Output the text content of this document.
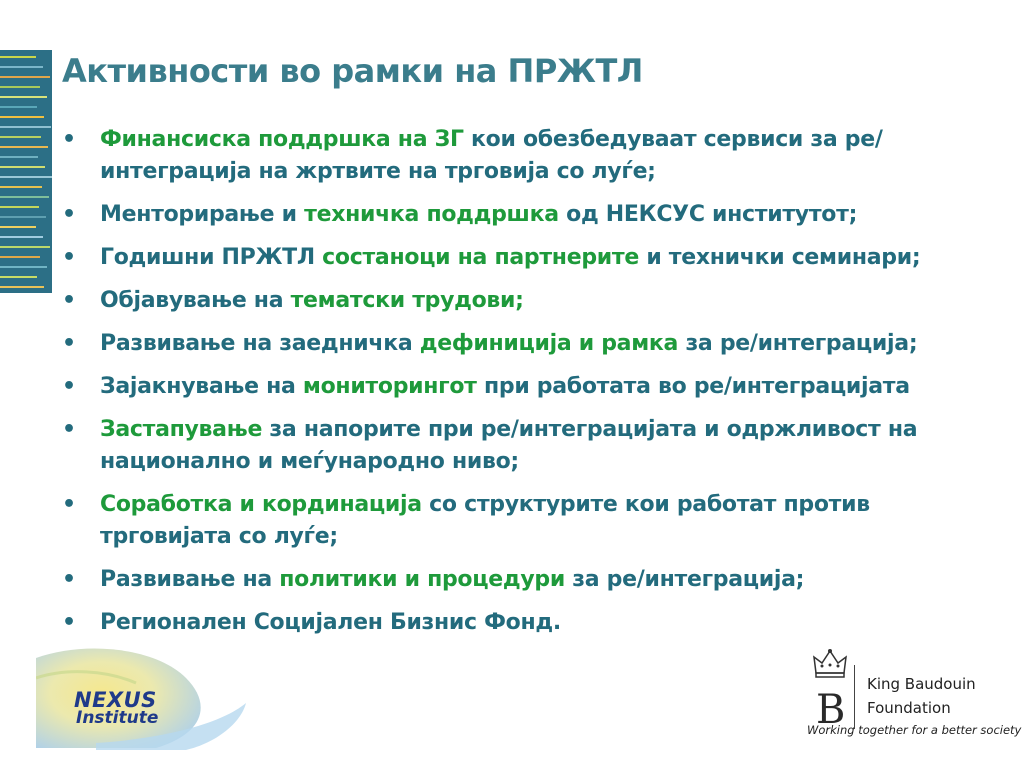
Активности во рамки на ПРЖТЛ
• Финансиска поддршка на ЗГ кои обезбедуваат сервиси за ре/интеграција на жртвите на трговија со луѓе;
• Менторирање и техничка поддршка од НЕКСУС институтот;
• Годишни ПРЖТЛ состаноци на партнерите и технички семинари;
• Објавување на тематски трудови;
• Развивање на заедничка дефиниција и рамка за ре/интеграција;
• Зајакнување на мониторингот при работата во ре/интеграцијата
• Застапување за напорите при ре/интеграцијата и одржливост на национално и меѓународно ниво;
• Соработка и кординација со структурите кои работат против трговијата со луѓе;
• Развивање на политики и процедури за ре/интеграција;
• Регионален Социјален Бизнис Фонд.
NEXUS
Institute	B
King Baudouin
Foundation
Working together for a better society
